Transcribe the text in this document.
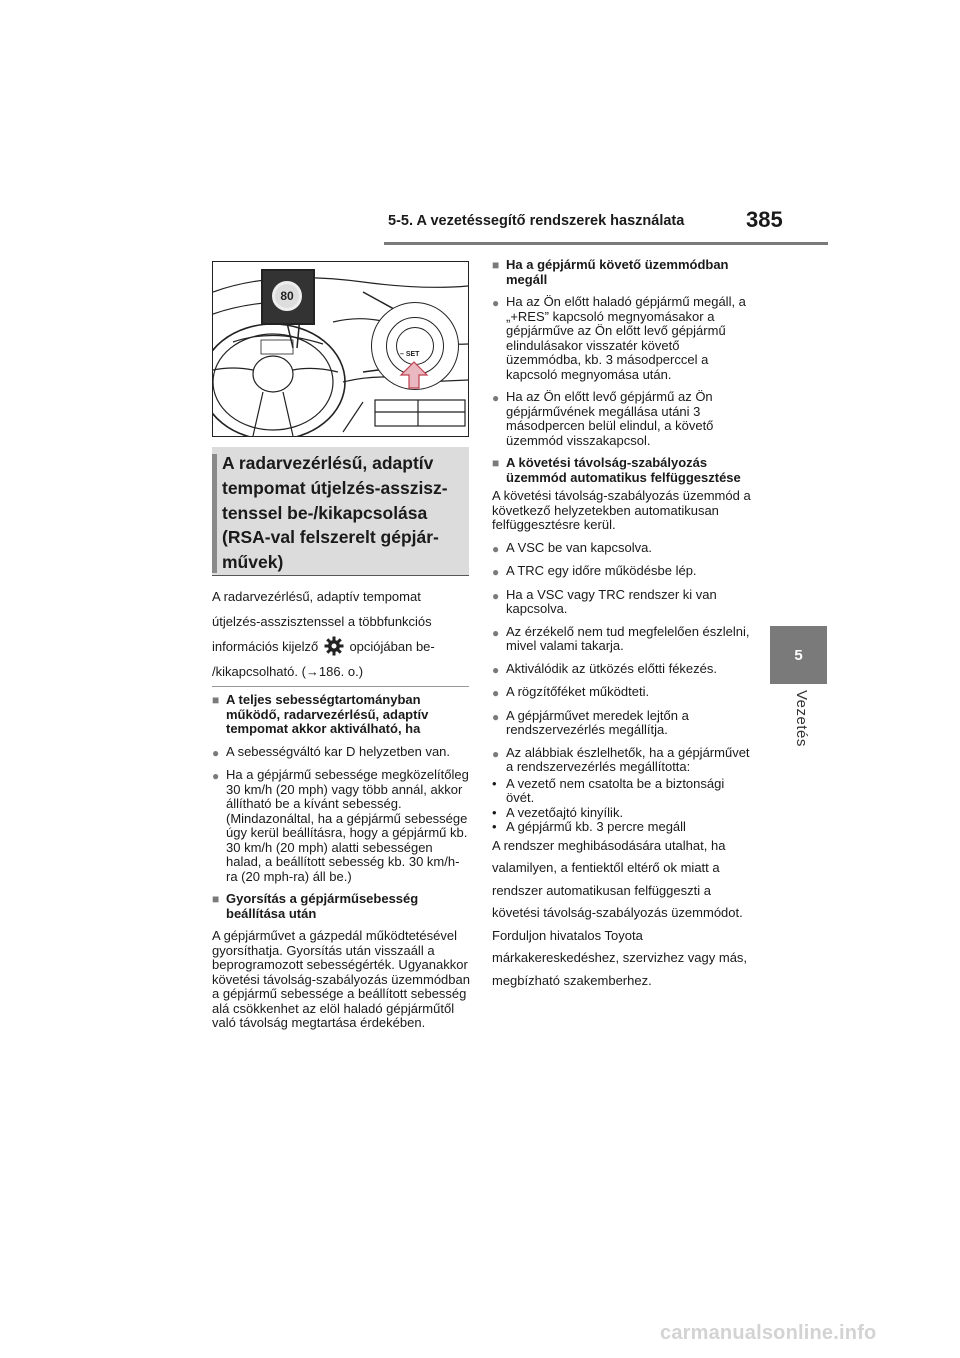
5-5. A vezetéssegítő rendszerek használata	385
5
Vezetés
80
– SET
A radarvezérlésű, adaptív
tempomat útjelzés-asszisz-
tenssel be-/kikapcsolása
(RSA-val felszerelt gépjár-
művek)
A radarvezérlésű, adaptív tempomat
útjelzés-asszisztenssel a többfunkciós
információs kijelző  opciójában be-
/kikapcsolható. (→186. o.)
■ A teljes sebességtartományban működő, radarvezérlésű, adaptív tempomat akkor aktiválható, ha
● A sebességváltó kar D helyzetben van.
● Ha a gépjármű sebessége megközelítőleg 30 km/h (20 mph) vagy több annál, akkor állítható be a kívánt sebesség. (Mindazonáltal, ha a gépjármű sebessége úgy kerül beállításra, hogy a gépjármű kb. 30 km/h (20 mph) alatti sebességen halad, a beállított sebesség kb. 30 km/h-ra (20 mph-ra) áll be.)
■ Gyorsítás a gépjárműsebesség beállítása után
A gépjárművet a gázpedál működtetésével gyorsíthatja. Gyorsítás után visszaáll a beprogramozott sebességérték. Ugyanakkor követési távolság-szabályozás üzemmódban a gépjármű sebessége a beállított sebesség alá csökkenhet az elöl haladó gépjárműtől való távolság megtartása érdekében.
■ Ha a gépjármű követő üzemmódban megáll
● Ha az Ön előtt haladó gépjármű megáll, a „+RES” kapcsoló megnyomásakor a gépjárműve az Ön előtt levő gépjármű elindulásakor visszatér követő üzemmódba, kb. 3 másodperccel a kapcsoló megnyomása után.
● Ha az Ön előtt levő gépjármű az Ön gépjárművének megállása utáni 3 másodpercen belül elindul, a követő üzemmód visszakapcsol.
■ A követési távolság-szabályozás üzemmód automatikus felfüggesztése
A követési távolság-szabályozás üzemmód a következő helyzetekben automatikusan felfüggesztésre kerül.
● A VSC be van kapcsolva.
● A TRC egy időre működésbe lép.
● Ha a VSC vagy TRC rendszer ki van kapcsolva.
● Az érzékelő nem tud megfelelően észlelni, mivel valami takarja.
● Aktiválódik az ütközés előtti fékezés.
● A rögzítőféket működteti.
● A gépjárművet meredek lejtőn a rendszervezérlés megállítja.
● Az alábbiak észlelhetők, ha a gépjárművet a rendszervezérlés megállította:
• A vezető nem csatolta be a biztonsági övét.
• A vezetőajtó kinyílik.
• A gépjármű kb. 3 percre megáll
A rendszer meghibásodására utalhat, ha valamilyen, a fentiektől eltérő ok miatt a rendszer automatikusan felfüggeszti a követési távolság-szabályozás üzemmódot. Forduljon hivatalos Toyota márkakereskedéshez, szervizhez vagy más, megbízható szakemberhez.
carmanualsonline.info
